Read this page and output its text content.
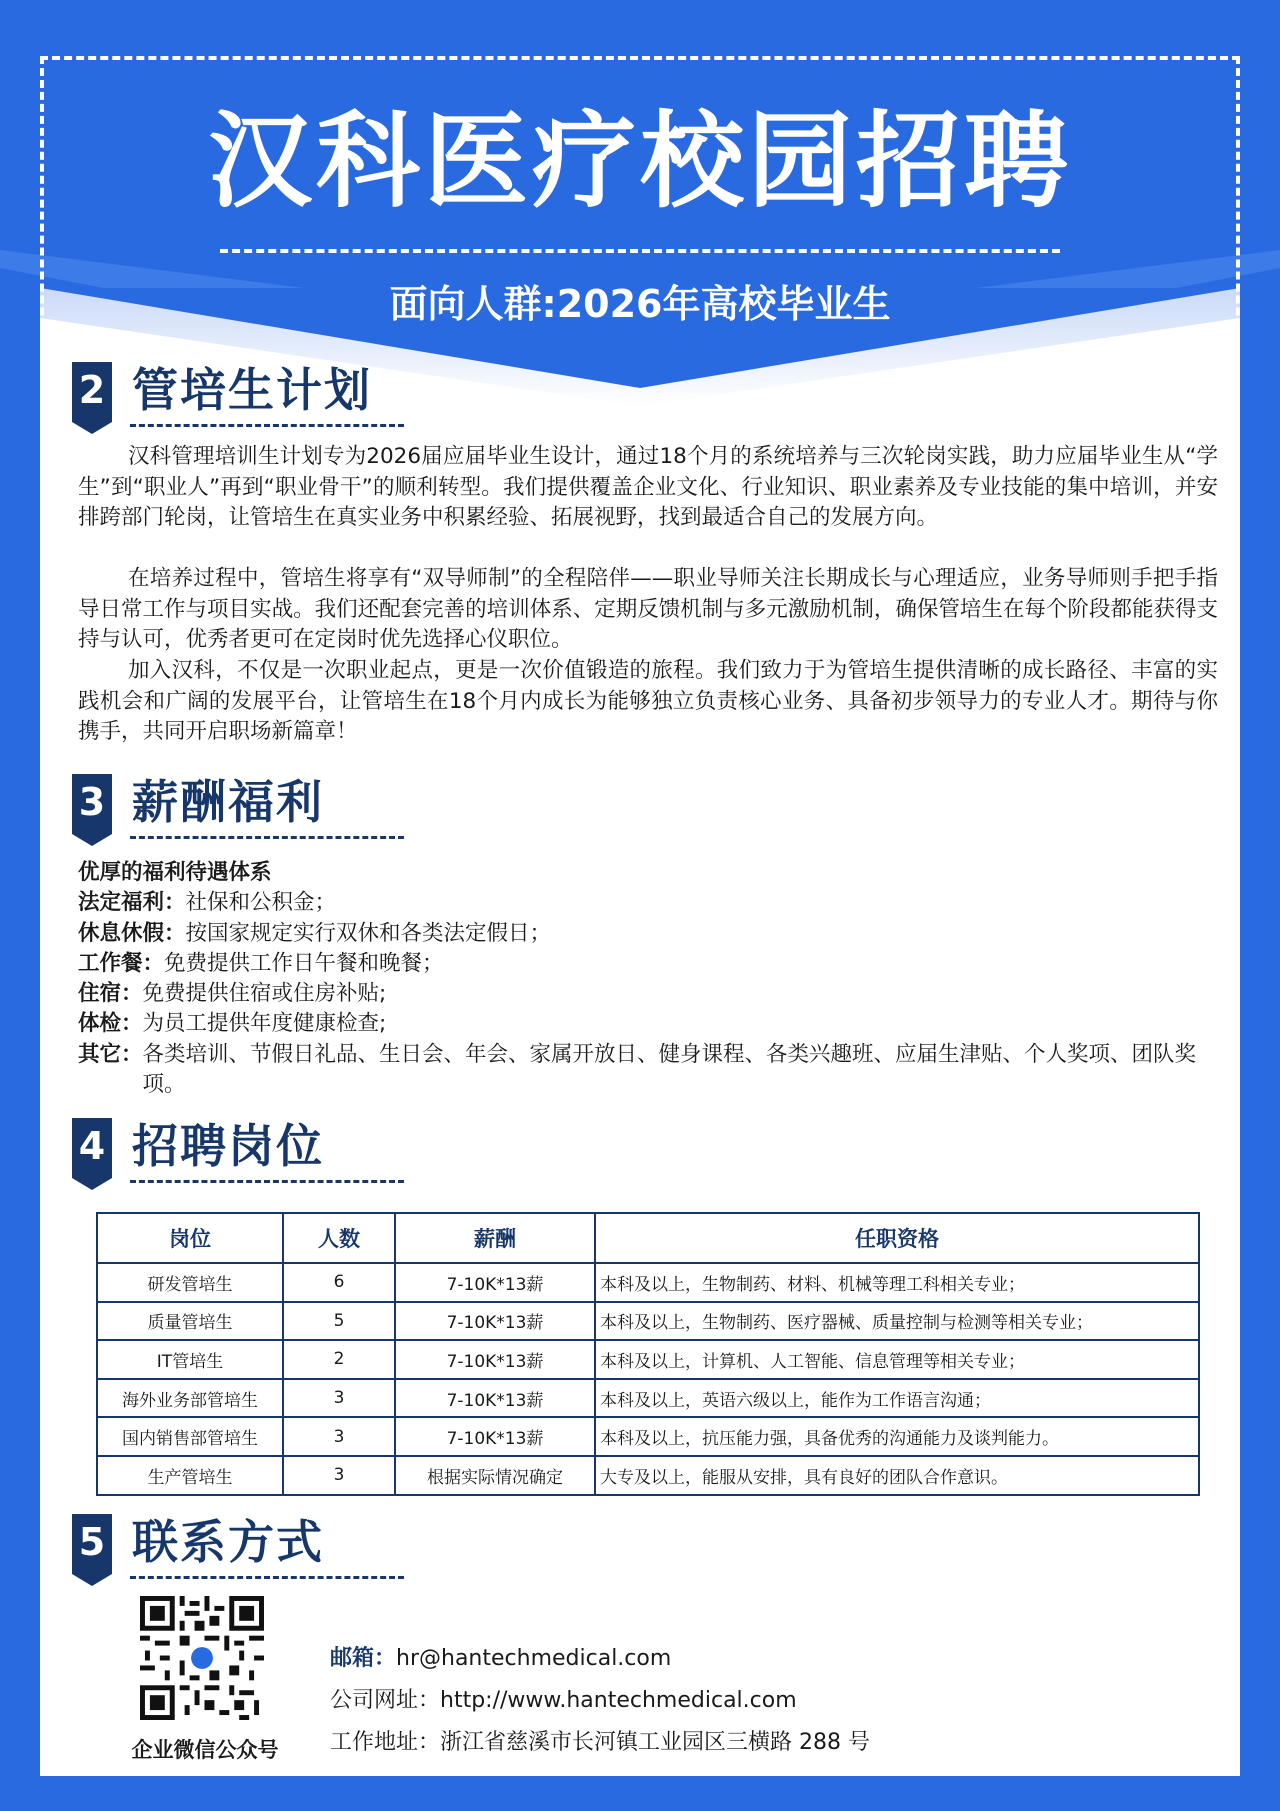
汉科医疗校园招聘
面向人群:2026年高校毕业生
2 管培生计划
汉科管理培训生计划专为2026届应届毕业生设计，通过18个月的系统培养与三次轮岗实践，助力应届毕业生从“学生”到“职业人”再到“职业骨干”的顺利转型。我们提供覆盖企业文化、行业知识、职业素养及专业技能的集中培训，并安排跨部门轮岗，让管培生在真实业务中积累经验、拓展视野，找到最适合自己的发展方向。
在培养过程中，管培生将享有“双导师制”的全程陪伴——职业导师关注长期成长与心理适应，业务导师则手把手指导日常工作与项目实战。我们还配套完善的培训体系、定期反馈机制与多元激励机制，确保管培生在每个阶段都能获得支持与认可，优秀者更可在定岗时优先选择心仪职位。
加入汉科，不仅是一次职业起点，更是一次价值锻造的旅程。我们致力于为管培生提供清晰的成长路径、丰富的实践机会和广阔的发展平台，让管培生在18个月内成长为能够独立负责核心业务、具备初步领导力的专业人才。期待与你携手，共同开启职场新篇章！
3 薪酬福利
优厚的福利待遇体系
法定福利： 社保和公积金；
休息休假： 按国家规定实行双休和各类法定假日；
工作餐： 免费提供工作日午餐和晚餐；
住宿： 免费提供住宿或住房补贴;
体检： 为员工提供年度健康检查;
其它： 各类培训、节假日礼品、生日会、年会、家属开放日、健身课程、各类兴趣班、应届生津贴、个人奖项、团队奖项。
4 招聘岗位
岗位	人数	薪酬	任职资格
研发管培生	6	7-10K*13薪	本科及以上，生物制药、材料、机械等理工科相关专业；
质量管培生	5	7-10K*13薪	本科及以上，生物制药、医疗器械、质量控制与检测等相关专业；
IT管培生	2	7-10K*13薪	本科及以上，计算机、人工智能、信息管理等相关专业；
海外业务部管培生	3	7-10K*13薪	本科及以上，英语六级以上，能作为工作语言沟通；
国内销售部管培生	3	7-10K*13薪	本科及以上，抗压能力强，具备优秀的沟通能力及谈判能力。
生产管培生	3	根据实际情况确定	大专及以上，能服从安排，具有良好的团队合作意识。
5 联系方式
企业微信公众号
邮箱：hr@hantechmedical.com
公司网址：http://www.hantechmedical.com
工作地址：浙江省慈溪市长河镇工业园区三横路 288 号
